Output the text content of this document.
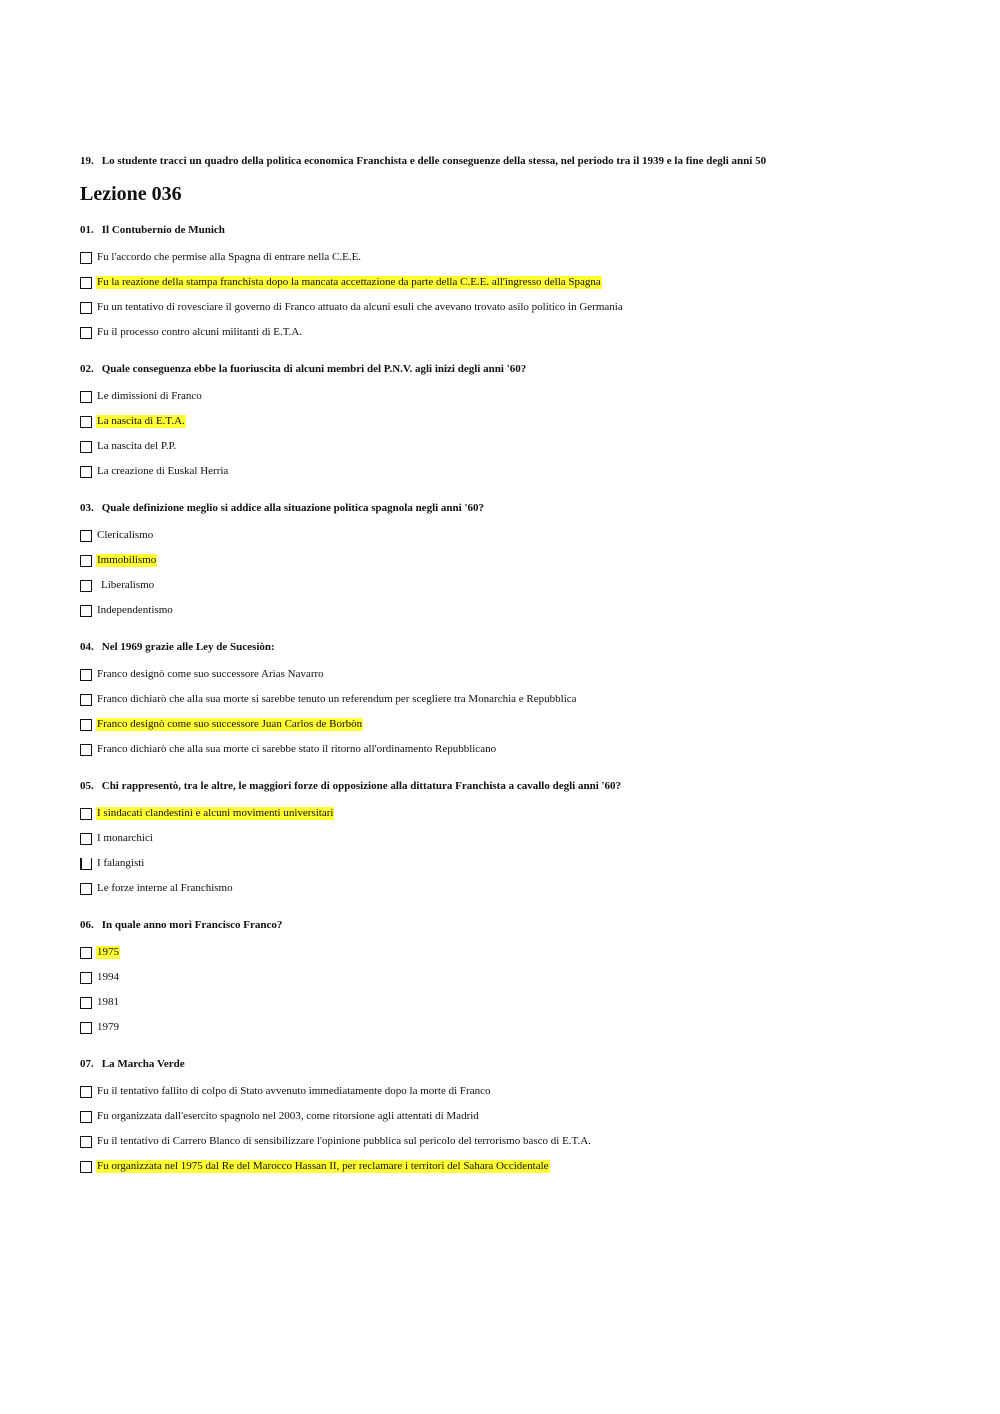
19. Lo studente tracci un quadro della politica economica Franchista e delle conseguenze della stessa, nel periodo tra il 1939 e la fine degli anni 50
Lezione 036
01. Il Contubernio de Munich
Fu l'accordo che permise alla Spagna di entrare nella C.E.E.
Fu la reazione della stampa franchista dopo la mancata accettazione da parte della C.E.E. all'ingresso della Spagna
Fu un tentativo di rovesciare il governo di Franco attuato da alcuni esuli che avevano trovato asilo politico in Germania
Fu il processo contro alcuni militanti di E.T.A.
02. Quale conseguenza ebbe la fuoriuscita di alcuni membri del P.N.V. agli inizi degli anni '60?
Le dimissioni di Franco
La nascita di E.T.A.
La nascita del P.P.
La creazione di Euskal Herria
03. Quale definizione meglio si addice alla situazione politica spagnola negli anni '60?
Clericalismo
Immobilismo
Liberalismo
Independentismo
04. Nel 1969 grazie alle Ley de Sucesiòn:
Franco designò come suo successore Arias Navarro
Franco dichiarò che alla sua morte si sarebbe tenuto un referendum per scegliere tra Monarchia e Repubblica
Franco designò come suo successore Juan Carlos de Borbòn
Franco dichiarò che alla sua morte ci sarebbe stato il ritorno all'ordinamento Repubblicano
05. Chi rappresentò, tra le altre, le maggiori forze di opposizione alla dittatura Franchista a cavallo degli anni '60?
I sindacati clandestini e alcuni movimenti universitari
I monarchici
I falangisti
Le forze interne al Franchismo
06. In quale anno morì Francisco Franco?
1975
1994
1981
1979
07. La Marcha Verde
Fu il tentativo fallito di colpo di Stato avvenuto immediatamente dopo la morte di Franco
Fu organizzata dall'esercito spagnolo nel 2003, come ritorsione agli attentati di Madrid
Fu il tentativo di Carrero Blanco di sensibilizzare l'opinione pubblica sul pericolo del terrorismo basco di E.T.A.
Fu organizzata nel 1975 dal Re del Marocco Hassan II, per reclamare i territori del Sahara Occidentale
